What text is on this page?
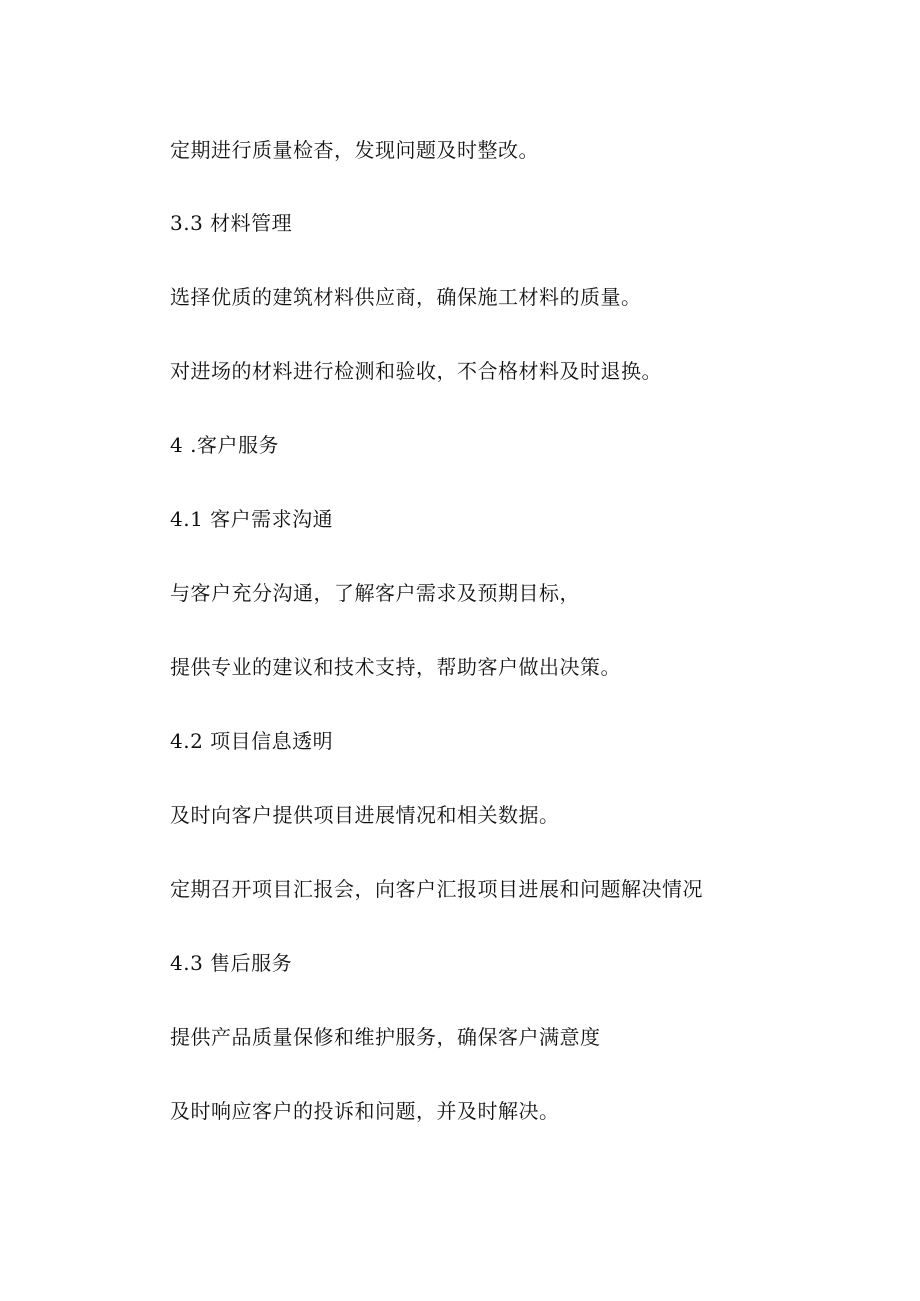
定期进行质量检杳，发现问题及时整改。

3.3 材料管理

选择优质的建筑材料供应商，确保施工材料的质量。

对进场的材料进行检测和验收，不合格材料及时退换。

4 .客户服务

4.1 客户需求沟通

与客户充分沟通，了解客户需求及预期目标，

提供专业的建议和技术支持，帮助客户做出决策。

4.2 项目信息透明

及时向客户提供项目进展情况和相关数据。

定期召开项目汇报会，向客户汇报项目进展和问题解决情况

4.3 售后服务

提供产品质量保修和维护服务，确保客户满意度

及时响应客户的投诉和问题，并及时解决。
